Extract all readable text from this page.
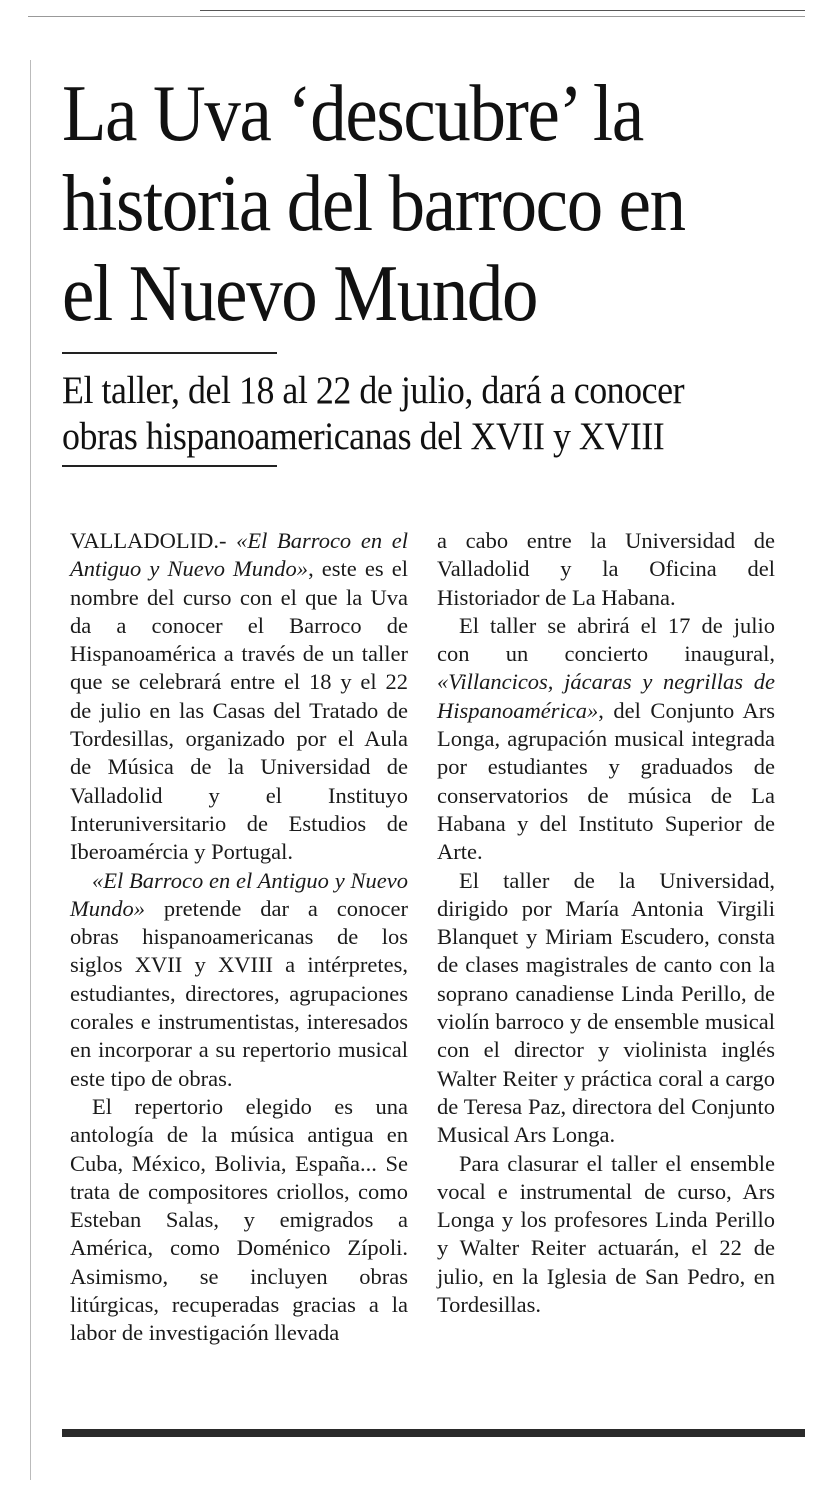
La Uva ‘descubre’ la historia del barroco en el Nuevo Mundo
El taller, del 18 al 22 de julio, dará a conocer obras hispanoamericanas del XVII y XVIII

VALLADOLID.- «El Barroco en el Antiguo y Nuevo Mundo», este es el nombre del curso con el que la Uva da a conocer el Barroco de Hispanoamérica a través de un taller que se celebrará entre el 18 y el 22 de julio en las Casas del Tratado de Tordesillas, organizado por el Aula de Música de la Universidad de Valladolid y el Instituyo Interuniversitario de Estudios de Iberoamércia y Portugal.

«El Barroco en el Antiguo y Nuevo Mundo» pretende dar a conocer obras hispanoamericanas de los siglos XVII y XVIII a intérpretes, estudiantes, directores, agrupaciones corales e instrumentistas, interesados en incorporar a su repertorio musical este tipo de obras.

El repertorio elegido es una antología de la música antigua en Cuba, México, Bolivia, España... Se trata de compositores criollos, como Esteban Salas, y emigrados a América, como Doménico Zípoli. Asimismo, se incluyen obras litúrgicas, recuperadas gracias a la labor de investigación llevada

a cabo entre la Universidad de Valladolid y la Oficina del Historiador de La Habana.

El taller se abrirá el 17 de julio con un concierto inaugural, «Villancicos, jácaras y negrillas de Hispanoamérica», del Conjunto Ars Longa, agrupación musical integrada por estudiantes y graduados de conservatorios de música de La Habana y del Instituto Superior de Arte.

El taller de la Universidad, dirigido por María Antonia Virgili Blanquet y Miriam Escudero, consta de clases magistrales de canto con la soprano canadiense Linda Perillo, de violín barroco y de ensemble musical con el director y violinista inglés Walter Reiter y práctica coral a cargo de Teresa Paz, directora del Conjunto Musical Ars Longa.

Para clasurar el taller el ensemble vocal e instrumental de curso, Ars Longa y los profesores Linda Perillo y Walter Reiter actuarán, el 22 de julio, en la Iglesia de San Pedro, en Tordesillas.
